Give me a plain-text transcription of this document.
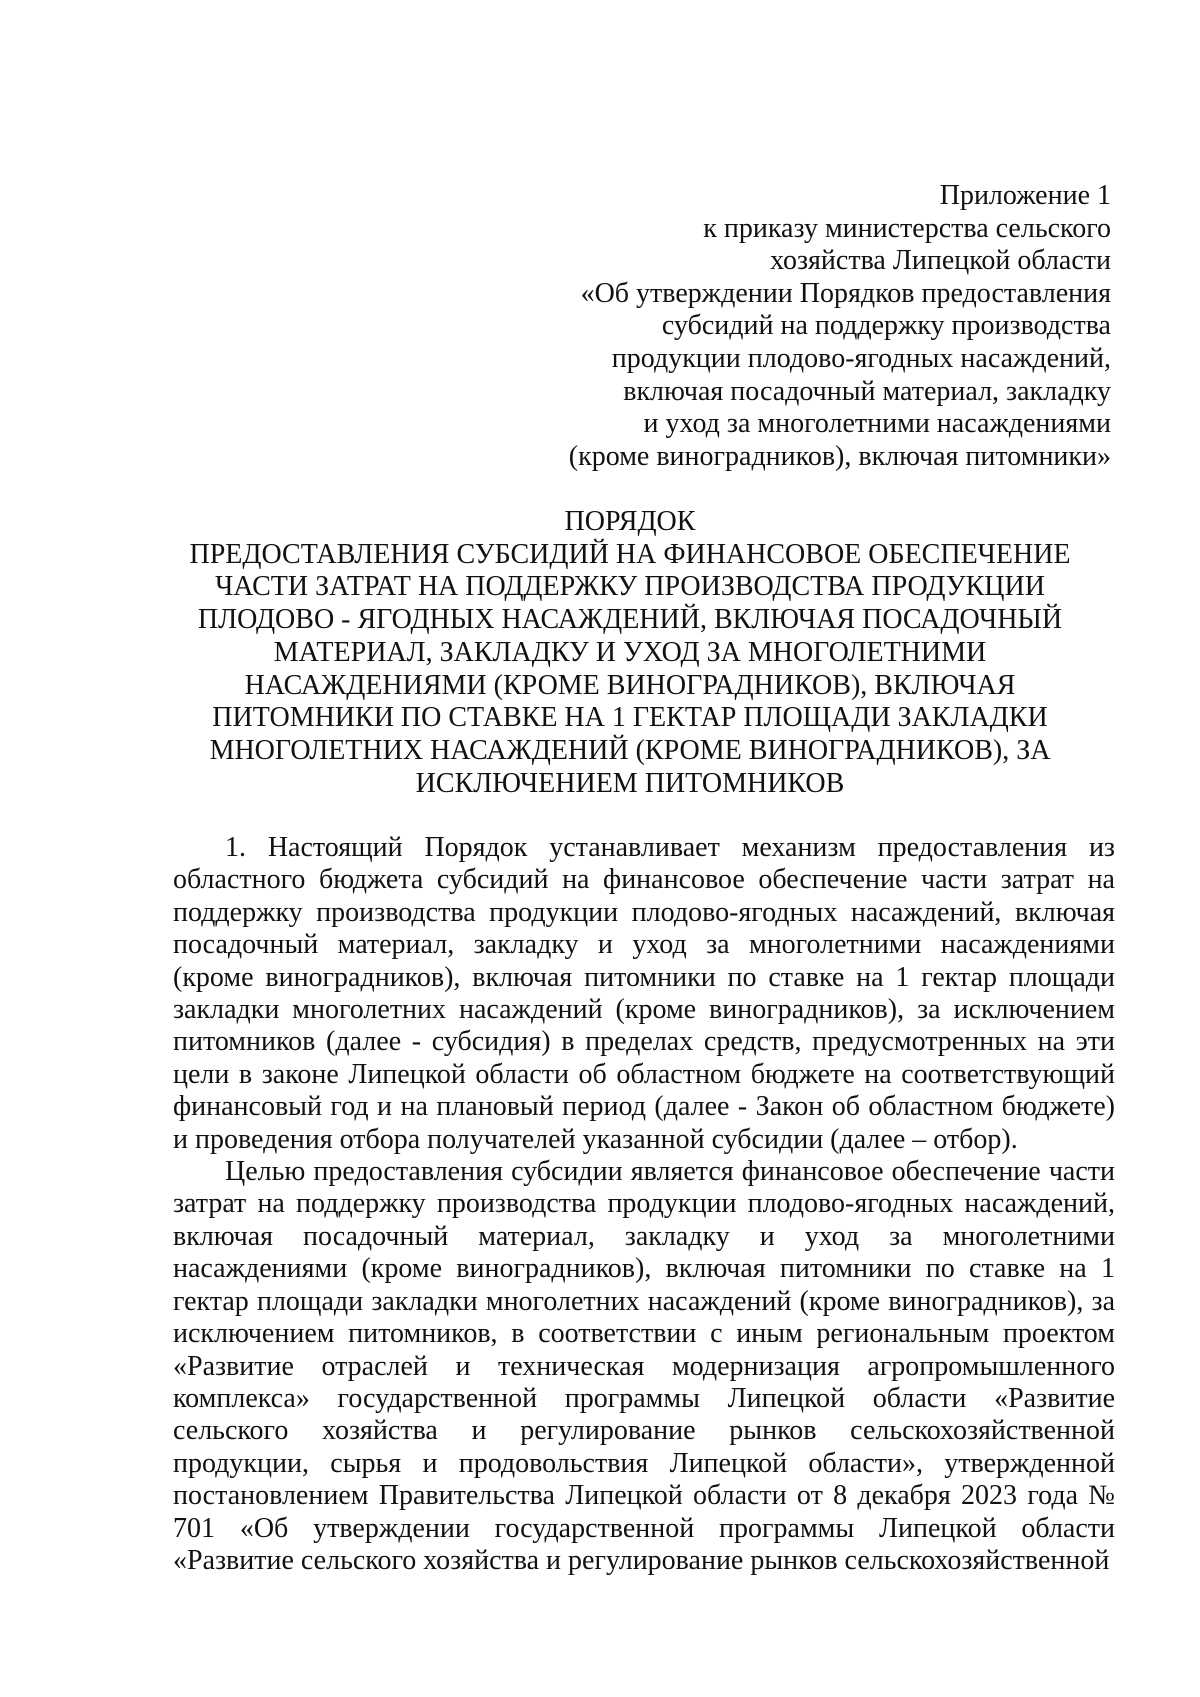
Приложение 1
к приказу министерства сельского
хозяйства Липецкой области
«Об утверждении Порядков предоставления
субсидий на поддержку производства
продукции плодово-ягодных насаждений,
включая посадочный материал, закладку
и уход за многолетними насаждениями
(кроме виноградников), включая питомники»
ПОРЯДОК
ПРЕДОСТАВЛЕНИЯ СУБСИДИЙ НА ФИНАНСОВОЕ ОБЕСПЕЧЕНИЕ
ЧАСТИ ЗАТРАТ НА ПОДДЕРЖКУ ПРОИЗВОДСТВА ПРОДУКЦИИ
ПЛОДОВО - ЯГОДНЫХ НАСАЖДЕНИЙ, ВКЛЮЧАЯ ПОСАДОЧНЫЙ
МАТЕРИАЛ, ЗАКЛАДКУ И УХОД ЗА МНОГОЛЕТНИМИ
НАСАЖДЕНИЯМИ (КРОМЕ ВИНОГРАДНИКОВ), ВКЛЮЧАЯ
ПИТОМНИКИ ПО СТАВКЕ НА 1 ГЕКТАР ПЛОЩАДИ ЗАКЛАДКИ
МНОГОЛЕТНИХ НАСАЖДЕНИЙ (КРОМЕ ВИНОГРАДНИКОВ), ЗА
ИСКЛЮЧЕНИЕМ ПИТОМНИКОВ

1. Настоящий Порядок устанавливает механизм предоставления из областного бюджета субсидий на финансовое обеспечение части затрат на поддержку производства продукции плодово-ягодных насаждений, включая посадочный материал, закладку и уход за многолетними насаждениями (кроме виноградников), включая питомники по ставке на 1 гектар площади закладки многолетних насаждений (кроме виноградников), за исключением питомников (далее - субсидия) в пределах средств, предусмотренных на эти цели в законе Липецкой области об областном бюджете на соответствующий финансовый год и на плановый период (далее - Закон об областном бюджете) и проведения отбора получателей указанной субсидии (далее – отбор).

Целью предоставления субсидии является финансовое обеспечение части затрат на поддержку производства продукции плодово-ягодных насаждений, включая посадочный материал, закладку и уход за многолетними насаждениями (кроме виноградников), включая питомники по ставке на 1 гектар площади закладки многолетних насаждений (кроме виноградников), за исключением питомников, в соответствии с иным региональным проектом «Развитие отраслей и техническая модернизация агропромышленного комплекса» государственной программы Липецкой области «Развитие сельского хозяйства и регулирование рынков сельскохозяйственной продукции, сырья и продовольствия Липецкой области», утвержденной постановлением Правительства Липецкой области от 8 декабря 2023 года № 701 «Об утверждении государственной программы Липецкой области «Развитие сельского хозяйства и регулирование рынков сельскохозяйственной
